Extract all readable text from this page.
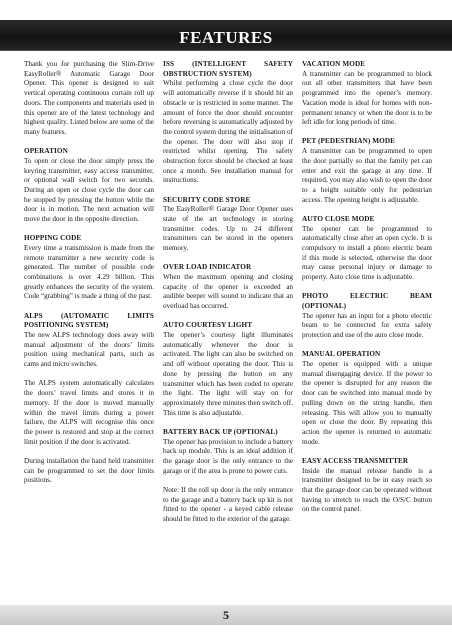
FEATURES

Thank you for purchasing the Slim-Drive EasyRoller® Automatic Garage Door Opener. This opener is designed to suit vertical operating continuous curtain roll up doors. The components and materials used in this opener are of the latest technology and highest quality. Listed below are some of the many features.

OPERATION

To open or close the door simply press the keyring transmitter, easy access transmitter, or optional wall switch for two seconds. During an open or close cycle the door can be stopped by pressing the button while the door is in motion. The next actuation will move the door in the opposite direction.

HOPPING CODE

Every time a transmission is made from the remote transmitter a new security code is generated. The number of possible code combinations is over 4.29 billion. This greatly enhances the security of the system. Code “grabbing” is made a thing of the past.

ALPS (AUTOMATIC LIMITS POSITIONING SYSTEM)

The new ALPS technology does away with manual adjustment of the doors’ limits position using mechanical parts, such as cams and micro switches.

The ALPS system automatically calculates the doors’ travel limits and stores it in memory. If the door is moved manually within the travel limits during a power failure, the ALPS will recognise this once the power is restored and stop at the correct limit position if the door is activated.

During installation the hand held transmitter can be programmed to set the door limits positions.

ISS (INTELLIGENT SAFETY OBSTRUCTION SYSTEM)

Whilst performing a close cycle the door will automatically reverse if it should hit an obstacle or is restricted in some manner. The amount of force the door should encounter before reversing is automatically adjusted by the control system during the initialisation of the opener. The door will also stop if restricted whilst opening. The safety obstruction force should be checked at least once a month. See installation manual for instructions.

SECURITY CODE STORE

The EasyRoller® Garage Door Opener uses state of the art technology in storing transmitter codes. Up to 24 different transmitters can be stored in the openers memory.

OVER LOAD INDICATOR

When the maximum opening and closing capacity of the opener is exceeded an audible beeper will sound to indicate that an overload has occurred.

AUTO COURTESY LIGHT

The opener’s courtesy light illuminates automatically whenever the door is activated. The light can also be switched on and off without operating the door. This is done by pressing the button on any transmitter which has been coded to operate the light. The light will stay on for approximately three minutes then switch off. This time is also adjustable.

BATTERY BACK UP (OPTIONAL)

The opener has provision to include a battery back up module. This is an ideal addition if the garage door is the only entrance to the garage or if the area is prone to power cuts.

Note: If the roll up door is the only entrance to the garage and a battery back up kit is not fitted to the opener - a keyed cable release should be fitted to the exterior of the garage.

VACATION MODE

A transmitter can be programmed to block out all other transmitters that have been programmed into the opener’s memory. Vacation mode is ideal for homes with non-permanent tenancy or when the door is to be left idle for long periods of time.

PET (PEDESTRIAN) MODE

A transmitter can be programmed to open the door partially so that the family pet can enter and exit the garage at any time. If required, you may also wish to open the door to a height suitable only for pedestrian access. The opening height is adjustable.

AUTO CLOSE MODE

The opener can be programmed to automatically close after an open cycle. It is compulsory to install a photo electric beam if this mode is selected, otherwise the door may cause personal injury or damage to property. Auto close time is adjustable.

PHOTO ELECTRIC BEAM (OPTIONAL)

The opener has an input for a photo electric beam to be connected for extra safety protection and use of the auto close mode.

MANUAL OPERATION

The opener is equipped with a unique manual disengaging device. If the power to the opener is disrupted for any reason the door can be switched into manual mode by pulling down on the string handle, then releasing. This will allow you to manually open or close the door. By repeating this action the opener is returned to automatic mode.

EASY ACCESS TRANSMITTER

Inside the manual release handle is a transmitter designed to be in easy reach so that the garage door can be operated without having to stretch to reach the O/S/C button on the control panel.

5
